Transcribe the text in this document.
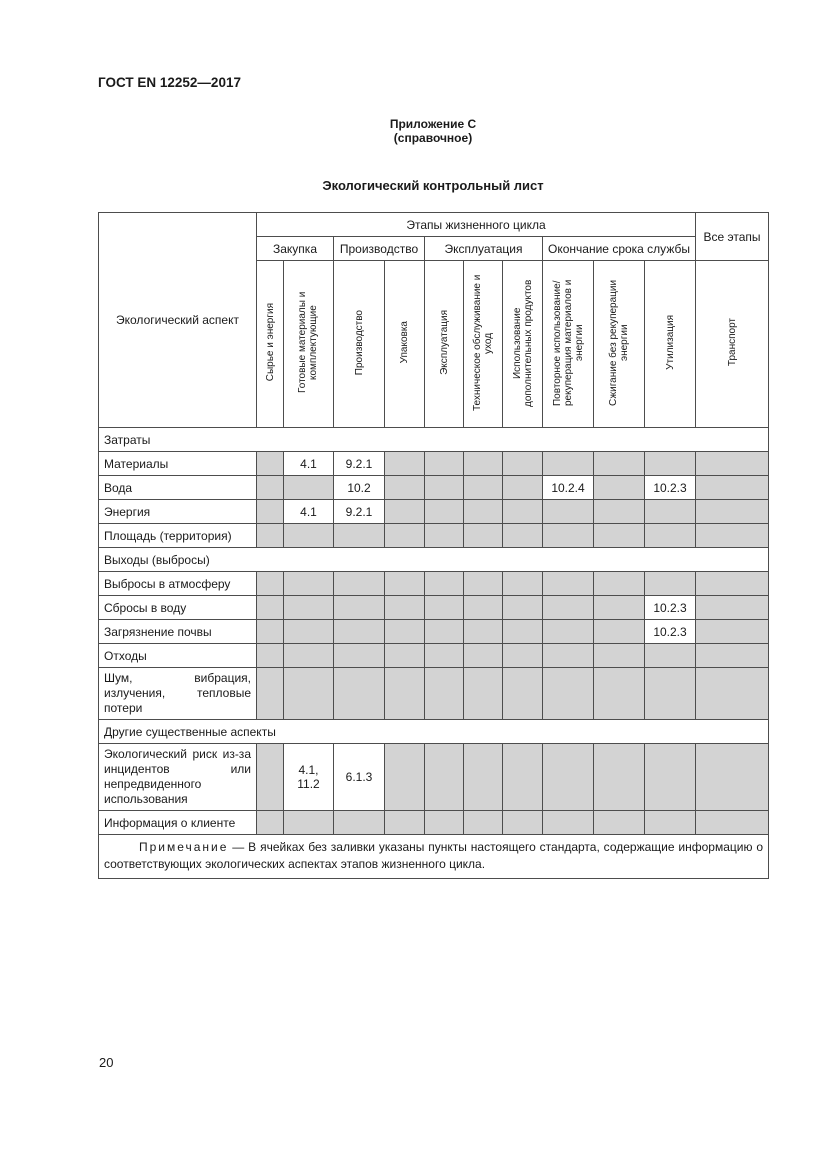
ГОСТ EN 12252—2017
Приложение С
(справочное)
Экологический контрольный лист
Экологический аспект	Этапы жизненного цикла										Все этапы
	Закупка		Производство		Эксплуатация			Окончание срока службы			
	Сырье и энергия	Готовые материалы и комплектующие	Производство	Упаковка	Эксплуатация	Техническое обслуживание и уход	Использование дополнительных продуктов	Повторное использование/ рекуперация материалов и энергии	Сжигание без рекуперации энергии	Утилизация	Транспорт
Затраты											
Материалы		4.1	9.2.1								
Вода			10.2					10.2.4		10.2.3	
Энергия		4.1	9.2.1								
Площадь (территория)											
Выходы (выбросы)											
Выбросы в атмосферу											
Сбросы в воду										10.2.3	
Загрязнение почвы										10.2.3	
Отходы											
Шум, вибрация, излучения, тепловые потери											
Другие существенные аспекты											
Экологический риск из-за инцидентов или непредвиденного использования		4.1, 11.2	6.1.3								
Информация о клиенте											
Примечание — В ячейках без заливки указаны пункты настоящего стандарта, содержащие информацию о соответствующих экологических аспектах этапов жизненного цикла.											
20
